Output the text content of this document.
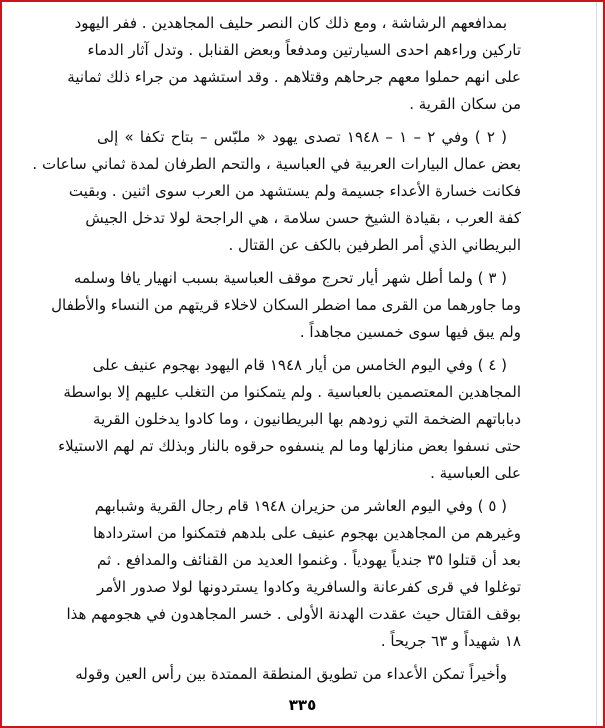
بمدافعهم الرشاشة ، ومع ذلك كان النصر حليف المجاهدين . ففر اليهود
تاركين وراءهم احدى السيارتين ومدفعاً وبعض القنابل . وتدل آثار الدماء
على انهم حملوا معهم جرحاهم وقتلاهم . وقد استشهد من جراء ذلك ثمانية
من سكان القرية .
( ٢ ) وفي ٢ – ١ – ١٩٤٨ تصدى يهود « ملبّس – بتاح تكفا » إلى
بعض عمال البيارات العربية في العباسية ، والتحم الطرفان لمدة ثماني ساعات .
فكانت خسارة الأعداء جسيمة ولم يستشهد من العرب سوى اثنين . وبقيت
كفة العرب ، بقيادة الشيخ حسن سلامة ، هي الراجحة لولا تدخل الجيش
البريطاني الذي أمر الطرفين بالكف عن القتال .
( ٣ ) ولما أطل شهر أيار تحرج موقف العباسية بسبب انهيار يافا وسلمه
وما جاورهما من القرى مما اضطر السكان لاخلاء قريتهم من النساء والأطفال
ولم يبق فيها سوى خمسين مجاهداً .
( ٤ ) وفي اليوم الخامس من أيار ١٩٤٨ قام اليهود بهجوم عنيف على
المجاهدين المعتصمين بالعباسية . ولم يتمكنوا من التغلب عليهم إلا بواسطة
دباباتهم الضخمة التي زودهم بها البريطانيون ، وما كادوا يدخلون القرية
حتى نسفوا بعض منازلها وما لم ينسفوه حرقوه بالنار وبذلك تم لهم الاستيلاء
على العباسية .
( ٥ ) وفي اليوم العاشر من حزيران ١٩٤٨ قام رجال القرية وشبابهم
وغيرهم من المجاهدين بهجوم عنيف على بلدهم فتمكنوا من استردادها
بعد أن قتلوا ٣٥ جندياً يهودياً . وغنموا العديد من القنائف والمدافع . ثم
توغلوا في قرى كفرعانة والسافرية وكادوا يستردونها لولا صدور الأمر
بوقف القتال حيث عقدت الهدنة الأولى . خسر المجاهدون في هجومهم هذا
١٨ شهيداً و ٦٣ جريحاً .
وأخيراً تمكن الأعداء من تطويق المنطقة الممتدة بين رأس العين وقوله
٣٣٥
